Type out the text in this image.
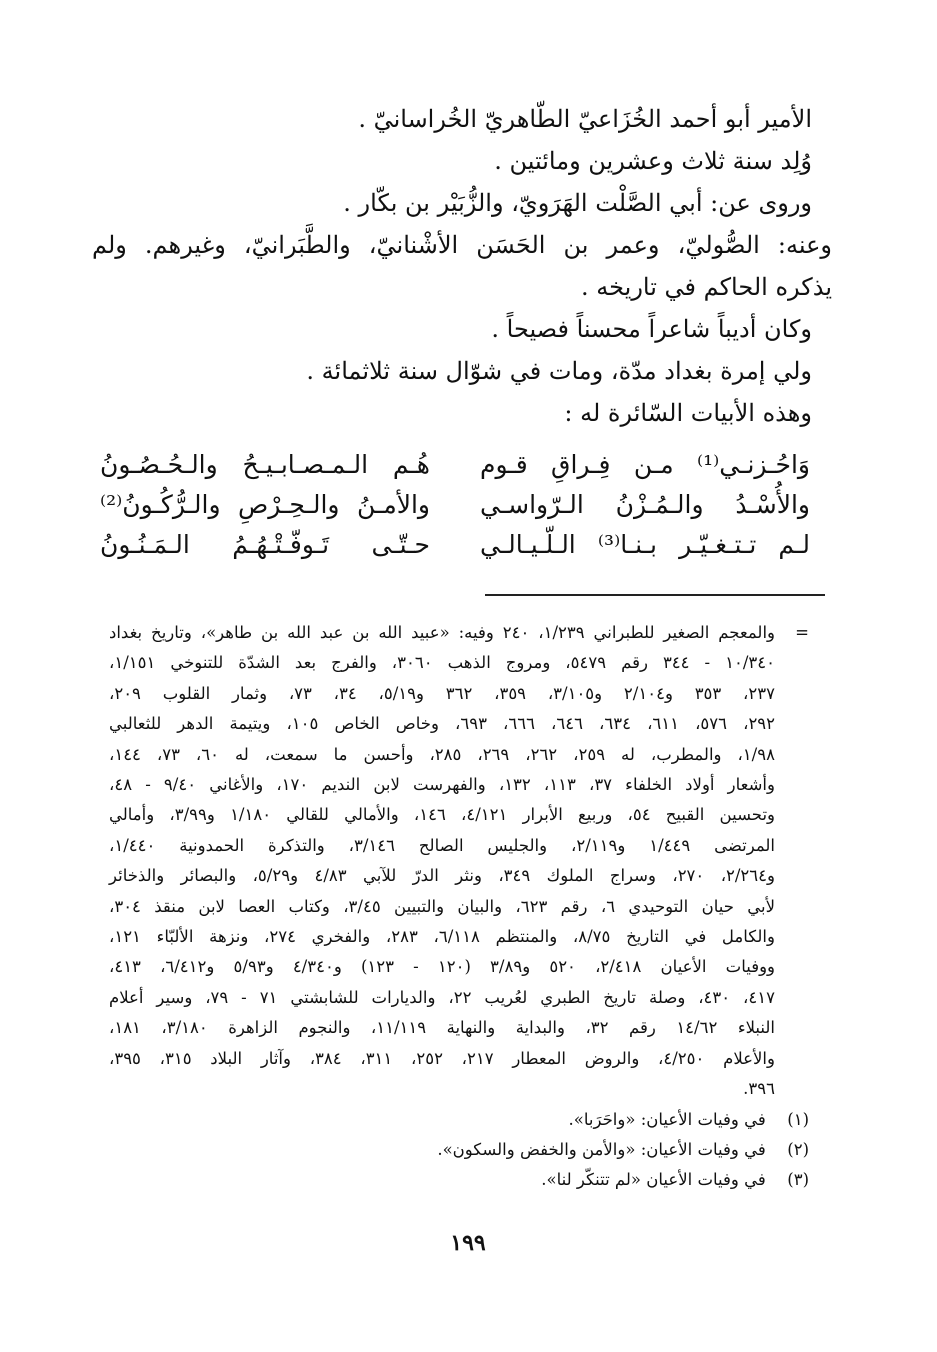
الأمير أبو أحمد الخُزَاعيّ الطّاهريّ الخُراسانيّ .

وُلِد سنة ثلاث وعشرين ومائتين .

وروى عن: أبي الصَّلْت الهَرَويّ، والزُّبَيْر بن بكّار .

وعنه: الصُّوليّ، وعمر بن الحَسَن الأشْنانيّ، والطَّبَرانيّ، وغيرهم. ولم

يذكره الحاكم في تاريخه .

وكان أديباً شاعراً محسناً فصيحاً .

ولي إمرة بغداد مدّة، ومات في شوّال سنة ثلاثمائة .

وهذه الأبيات السّائرة له :

وَاحُـزنـي⁽¹⁾ مـن فِـراقِ قـوم
هُـم الـمـصـابـيـحُ والـحُـصُـونُ
والأُسْـدُ والـمُـزْنُ الـرّواسـي
والأمـنُ والـحِـرْصِ والـرُّكُـونُ⁽²⁾
لـم تـتـغـيّـر بـنـا⁽³⁾ الـلّـيـالـي
حـتّـى تَـوفّـتْـهُـمُ الـمَـنُـونُ
=

والمعجم الصغير للطبراني ١/٢٣٩، ٢٤٠ وفيه: «عبيد الله بن عبد الله بن طاهر»، وتاريخ بغداد

١٠/٣٤٠ - ٣٤٤ رقم ٥٤٧٩، ومروج الذهب ٣٠٦٠، والفرج بعد الشدّة للتنوخي ١/١٥١،

٢٣٧، ٣٥٣ و٢/١٠٤ و٣/١٠٥، ٣٥٩، ٣٦٢ و٥/١٩، ٣٤، ٧٣، وثمار القلوب ٢٠٩،

٢٩٢، ٥٧٦، ٦١١، ٦٣٤، ٦٤٦، ٦٦٦، ٦٩٣، وخاص الخاص ١٠٥، ويتيمة الدهر للثعالبي

١/٩٨، والمطرب، له ٢٥٩، ٢٦٢، ٢٦٩، ٢٨٥، وأحسن ما سمعت، له ٦٠، ٧٣، ١٤٤،

وأشعار أولاد الخلفاء ٣٧، ١١٣، ١٣٢، والفهرست لابن النديم ١٧٠، والأغاني ٩/٤٠ - ٤٨،

وتحسين القبيح ٥٤، وربيع الأبرار ٤/١٢١، ١٤٦، والأمالي للقالي ١/١٨٠ و٣/٩٩، وأمالي

المرتضى ١/٤٤٩ و٢/١١٩، والجليس الصالح ٣/١٤٦، والتذكرة الحمدونية ١/٤٤٠،

و٢/٢٦٤، ٢٧٠، وسراج الملوك ٣٤٩، ونثر الدرّ للآبي ٤/٨٣ و٥/٢٩، والبصائر والذخائر

لأبي حيان التوحيدي ٦، رقم ٦٢٣، والبيان والتبيين ٣/٤٥، وكتاب العصا لابن منقذ ٣٠٤،

والكامل في التاريخ ٨/٧٥، والمنتظم ٦/١١٨، ٢٨٣، والفخري ٢٧٤، ونزهة الألبّاء ١٢١،

ووفيات الأعيان ٢/٤١٨، ٥٢٠ و٣/٨٩ (١٢٠ - ١٢٣) و٤/٣٤٠ و٥/٩٣ و٦/٤١٢، ٤١٣،

٤١٧، ٤٣٠، وصلة تاريخ الطبري لعُريب ٢٢، والديارات للشابشتي ٧١ - ٧٩، وسير أعلام

النبلاء ١٤/٦٢ رقم ٣٢، والبداية والنهاية ١١/١١٩، والنجوم الزاهرة ٣/١٨٠، ١٨١،

والأعلام ٤/٢٥٠، والروض المعطار ٢١٧، ٢٥٢، ٣١١، ٣٨٤، وآثار البلاد ٣١٥، ٣٩٥،

٣٩٦.

(١) في وفيات الأعيان: «واحَرَبا».

(٢) في وفيات الأعيان: «والأمن والخفض والسكون».

(٣) في وفيات الأعيان «لم تتنكّر لنا».

١٩٩
